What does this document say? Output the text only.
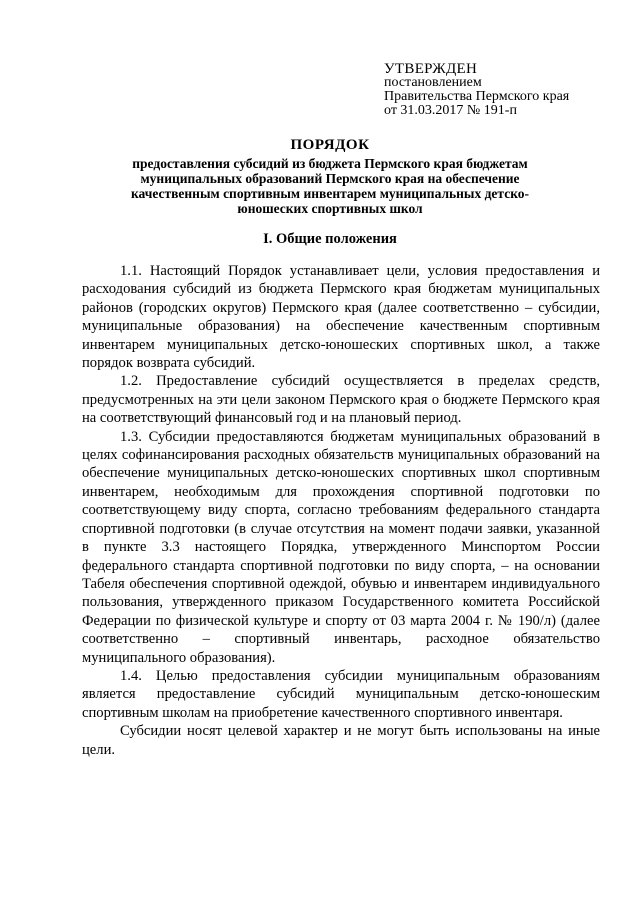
УТВЕРЖДЕН
постановлением
Правительства Пермского края
от 31.03.2017 № 191-п
ПОРЯДОК
предоставления субсидий из бюджета Пермского края бюджетам муниципальных образований Пермского края на обеспечение качественным спортивным инвентарем муниципальных детско-юношеских спортивных школ
I. Общие положения

1.1. Настоящий Порядок устанавливает цели, условия предоставления и расходования субсидий из бюджета Пермского края бюджетам муниципальных районов (городских округов) Пермского края (далее соответственно – субсидии, муниципальные образования) на обеспечение качественным спортивным инвентарем муниципальных детско-юношеских спортивных школ, а также порядок возврата субсидий.

1.2. Предоставление субсидий осуществляется в пределах средств, предусмотренных на эти цели законом Пермского края о бюджете Пермского края на соответствующий финансовый год и на плановый период.

1.3. Субсидии предоставляются бюджетам муниципальных образований в целях софинансирования расходных обязательств муниципальных образований на обеспечение муниципальных детско-юношеских спортивных школ спортивным инвентарем, необходимым для прохождения спортивной подготовки по соответствующему виду спорта, согласно требованиям федерального стандарта спортивной подготовки (в случае отсутствия на момент подачи заявки, указанной в пункте 3.3 настоящего Порядка, утвержденного Минспортом России федерального стандарта спортивной подготовки по виду спорта, – на основании Табеля обеспечения спортивной одеждой, обувью и инвентарем индивидуального пользования, утвержденного приказом Государственного комитета Российской Федерации по физической культуре и спорту от 03 марта 2004 г. № 190/л) (далее соответственно – спортивный инвентарь, расходное обязательство муниципального образования).

1.4. Целью предоставления субсидии муниципальным образованиям является предоставление субсидий муниципальным детско-юношеским спортивным школам на приобретение качественного спортивного инвентаря.

Субсидии носят целевой характер и не могут быть использованы на иные цели.
